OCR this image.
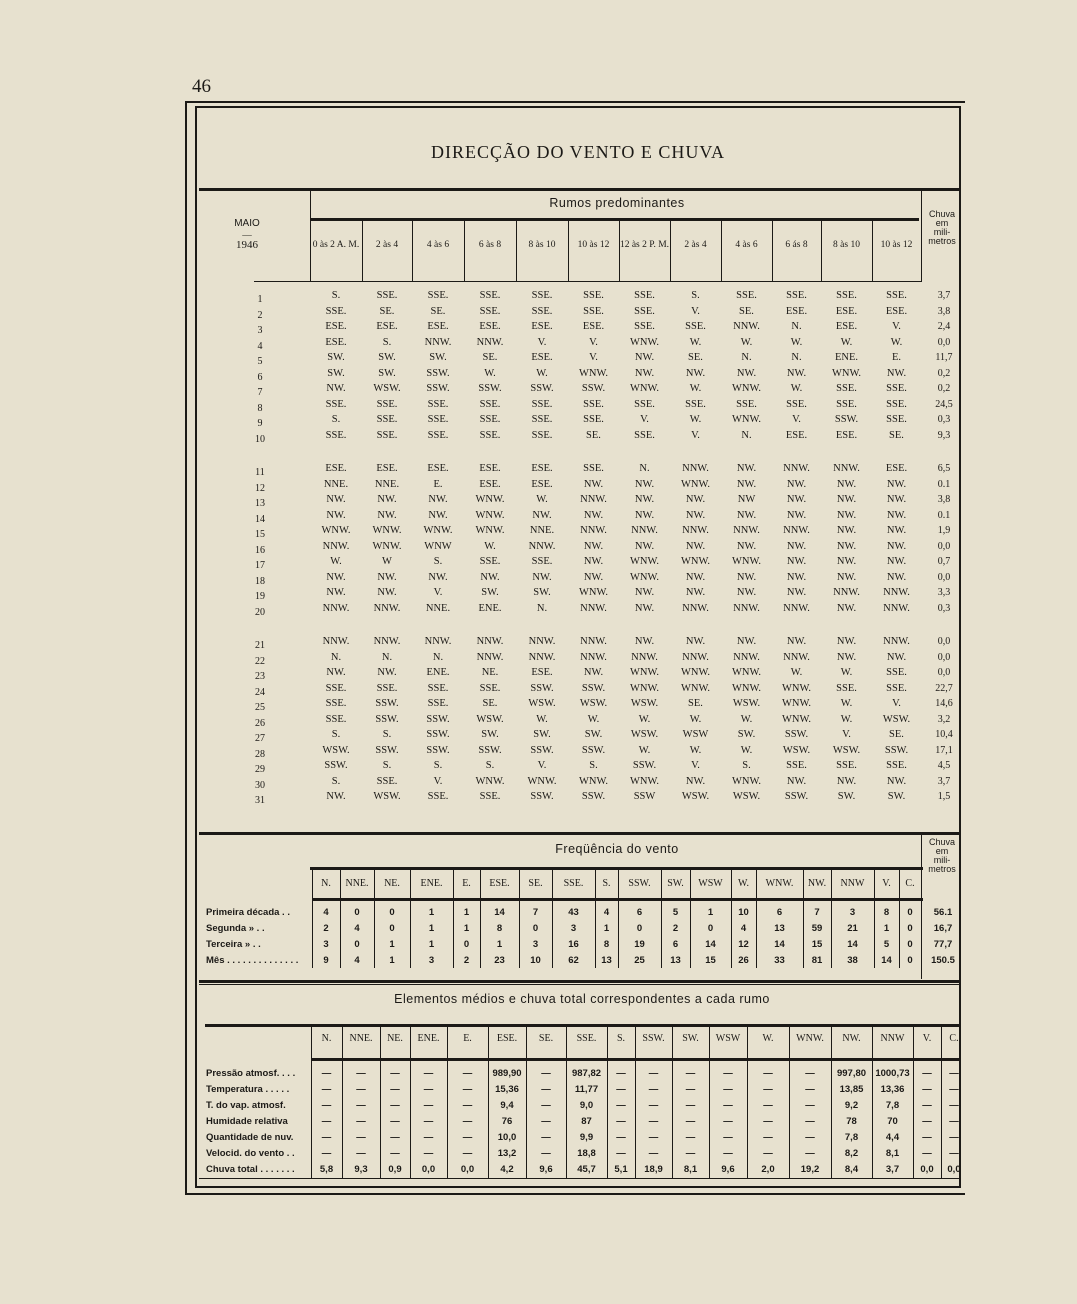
46
DIRECÇÃO DO VENTO E CHUVA
Rumos predominantes
MAIO
—
1946
Chuva
em
mili-
metros
0 às 2 A. M.	2 às 4	4 às 6	6 às 8	8 às 10	10 às 12	12 às 2 P. M.	2 às 4	4 às 6	6 ás 8	8 às 10	10 às 12
1	S.	SSE.	SSE.	SSE.	SSE.	SSE.	SSE.	S.	SSE.	SSE.	SSE.	SSE.	3,7
2	SSE.	SE.	SE.	SSE.	SSE.	SSE.	SSE.	V.	SE.	ESE.	ESE.	ESE.	3,8
3	ESE.	ESE.	ESE.	ESE.	ESE.	ESE.	SSE.	SSE.	NNW.	N.	ESE.	V.	2,4
4	ESE.	S.	NNW.	NNW.	V.	V.	WNW.	W.	W.	W.	W.	W.	0,0
5	SW.	SW.	SW.	SE.	ESE.	V.	NW.	SE.	N.	N.	ENE.	E.	11,7
6	SW.	SW.	SSW.	W.	W.	WNW.	NW.	NW.	NW.	NW.	WNW.	NW.	0,2
7	NW.	WSW.	SSW.	SSW.	SSW.	SSW.	WNW.	W.	WNW.	W.	SSE.	SSE.	0,2
8	SSE.	SSE.	SSE.	SSE.	SSE.	SSE.	SSE.	SSE.	SSE.	SSE.	SSE.	SSE.	24,5
9	S.	SSE.	SSE.	SSE.	SSE.	SSE.	V.	W.	WNW.	V.	SSW.	SSE.	0,3
10	SSE.	SSE.	SSE.	SSE.	SSE.	SE.	SSE.	V.	N.	ESE.	ESE.	SE.	9,3
11	ESE.	ESE.	ESE.	ESE.	ESE.	SSE.	N.	NNW.	NW.	NNW.	NNW.	ESE.	6,5
12	NNE.	NNE.	E.	ESE.	ESE.	NW.	NW.	WNW.	NW.	NW.	NW.	NW.	0.1
13	NW.	NW.	NW.	WNW.	W.	NNW.	NW.	NW.	NW	NW.	NW.	NW.	3,8
14	NW.	NW.	NW.	WNW.	NW.	NW.	NW.	NW.	NW.	NW.	NW.	NW.	0.1
15	WNW.	WNW.	WNW.	WNW.	NNE.	NNW.	NNW.	NNW.	NNW.	NNW.	NW.	NW.	1,9
16	NNW.	WNW.	WNW	W.	NNW.	NW.	NW.	NW.	NW.	NW.	NW.	NW.	0,0
17	W.	W	S.	SSE.	SSE.	NW.	WNW.	WNW.	WNW.	NW.	NW.	NW.	0,7
18	NW.	NW.	NW.	NW.	NW.	NW.	WNW.	NW.	NW.	NW.	NW.	NW.	0,0
19	NW.	NW.	V.	SW.	SW.	WNW.	NW.	NW.	NW.	NW.	NNW.	NNW.	3,3
20	NNW.	NNW.	NNE.	ENE.	N.	NNW.	NW.	NNW.	NNW.	NNW.	NW.	NNW.	0,3
21	NNW.	NNW.	NNW.	NNW.	NNW.	NNW.	NW.	NW.	NW.	NW.	NW.	NNW.	0,0
22	N.	N.	N.	NNW.	NNW.	NNW.	NNW.	NNW.	NNW.	NNW.	NW.	NW.	0,0
23	NW.	NW.	ENE.	NE.	ESE.	NW.	WNW.	WNW.	WNW.	W.	W.	SSE.	0,0
24	SSE.	SSE.	SSE.	SSE.	SSW.	SSW.	WNW.	WNW.	WNW.	WNW.	SSE.	SSE.	22,7
25	SSE.	SSW.	SSE.	SE.	WSW.	WSW.	WSW.	SE.	WSW.	WNW.	W.	V.	14,6
26	SSE.	SSW.	SSW.	WSW.	W.	W.	W.	W.	W.	WNW.	W.	WSW.	3,2
27	S.	S.	SSW.	SW.	SW.	SW.	WSW.	WSW	SW.	SSW.	V.	SE.	10,4
28	WSW.	SSW.	SSW.	SSW.	SSW.	SSW.	W.	W.	W.	WSW.	WSW.	SSW.	17,1
29	SSW.	S.	S.	S.	V.	S.	SSW.	V.	S.	SSE.	SSE.	SSE.	4,5
30	S.	SSE.	V.	WNW.	WNW.	WNW.	WNW.	NW.	WNW.	NW.	NW.	NW.	3,7
31	NW.	WSW.	SSE.	SSE.	SSW.	SSW.	SSW	WSW.	WSW.	SSW.	SW.	SW.	1,5
Freqüência do vento	Chuva
em
mili-
metros
N.	NNE.	NE.	ENE.	E.	ESE.	SE.	SSE.	S.	SSW.	SW.	WSW	W.	WNW.	NW.	NNW	V.	C.
Primeira década . .	4	0	0	1	1	14	7	43	4	6	5	1	10	6	7	3	8	0	56.1
Segunda » . .	2	4	0	1	1	8	0	3	1	0	2	0	4	13	59	21	1	0	16,7
Terceira » . .	3	0	1	1	0	1	3	16	8	19	6	14	12	14	15	14	5	0	77,7
Mês . . . . . . . . . . . . . .	9	4	1	3	2	23	10	62	13	25	13	15	26	33	81	38	14	0	150.5
Elementos médios e chuva total correspondentes a cada rumo
N.	NNE.	NE.	ENE.	E.	ESE.	SE.	SSE.	S.	SSW.	SW.	WSW	W.	WNW.	NW.	NNW	V.	C.
Pressão atmosf. . . .	—	—	—	—	—	989,90	—	987,82	—	—	—	—	—	—	997,80 1000,73	—	—
Temperatura . . . . .	—	—	—	—	—	15,36	—	11,77	—	—	—	—	—	—	13,85	13,36	—	—
T. do vap. atmosf.	—	—	—	—	—	9,4	—	9,0	—	—	—	—	—	—	9,2	7,8	—	—
Humidade relativa	—	—	—	—	—	76	—	87	—	—	—	—	—	—	78	70	—	—
Quantidade de nuv.	—	—	—	—	—	10,0	—	9,9	—	—	—	—	—	—	7,8	4,4	—	—
Velocid. do vento . .	—	—	—	—	—	13,2	—	18,8	—	—	—	—	—	—	8,2	8,1	—	—
Chuva total . . . . . . .	5,8	9,3	0,9	0,0	0,0	4,2	9,6	45,7	5,1	18,9	8,1	9,6	2,0	19,2	8,4	3,7	0,0	0,0
